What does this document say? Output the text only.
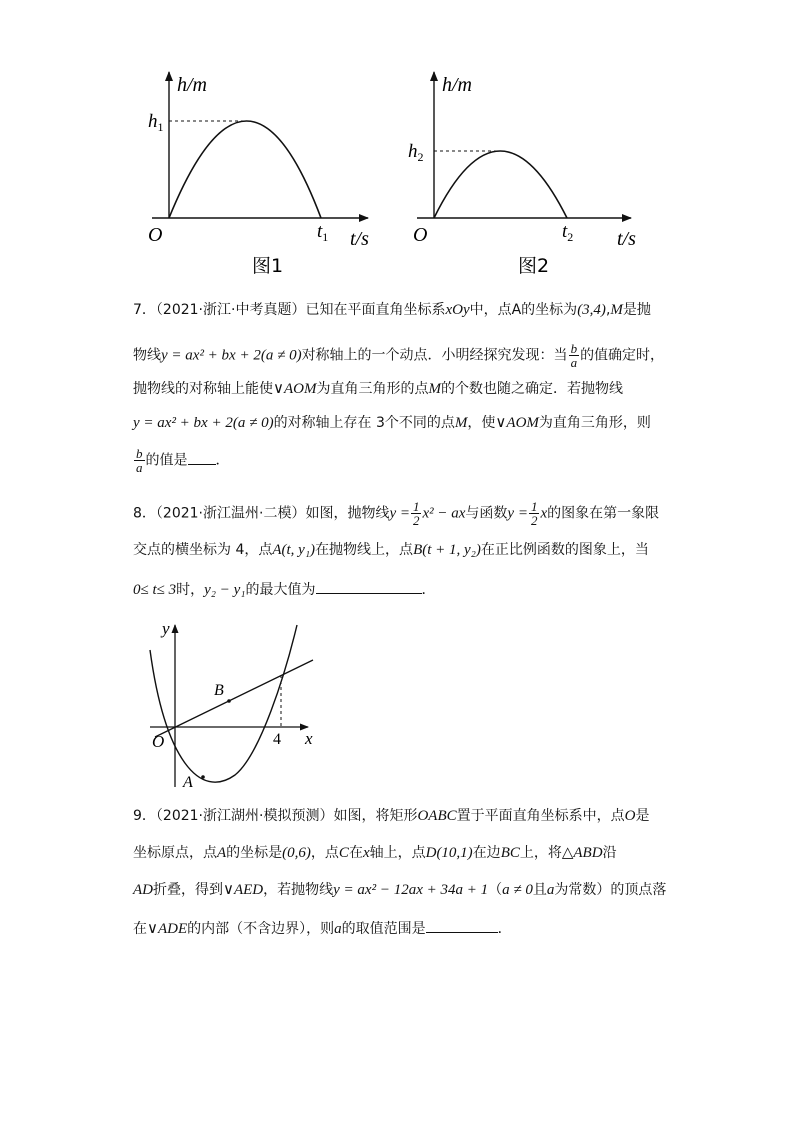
h/m
$h_1$
O	$t_1$ t/s
图1
h/m
$h_2$
O	$t_2$ t/s
图2
7．（2021·浙江·中考真题）已知在平面直角坐标系xOy中，点A的坐标为(3,4),M是抛
物线y = ax² + bx + 2(a ≠ 0)对称轴上的一个动点．小明经探究发现：当 $\frac{b}{a}$ 的值确定时，
抛物线的对称轴上能使∨AOM为直角三角形的点M的个数也随之确定．若抛物线
y = ax² + bx + 2(a ≠ 0)的对称轴上存在 3个不同的点M，使∨AOM为直角三角形，则
$\frac{b}{a}$ 的值是 ．
8．（2021·浙江温州·二模）如图，抛物线$y = \frac{1}{2} x^2$ − ax与函数$y = \frac{1}{2}$ x的图象在第一象限
交点的横坐标为 4，点A(t, y₁)在抛物线上，点B(t + 1, y₂)在正比例函数的图象上，当
0≤ t≤ 3时，y₂ − y₁的最大值为	．
y
x
O	4
B
A
9．（2021·浙江湖州·模拟预测）如图，将矩形OABC置于平面直角坐标系中，点O是
坐标原点，点A的坐标是(0,6)，点C在x轴上，点D(10,1)在边BC上，将△ABD沿
AD折叠，得到∨AED，若抛物线y = ax² − 12ax + 34a + 1（a ≠ 0且a为常数）的顶点落
在∨ADE的内部（不含边界），则a的取值范围是	．
